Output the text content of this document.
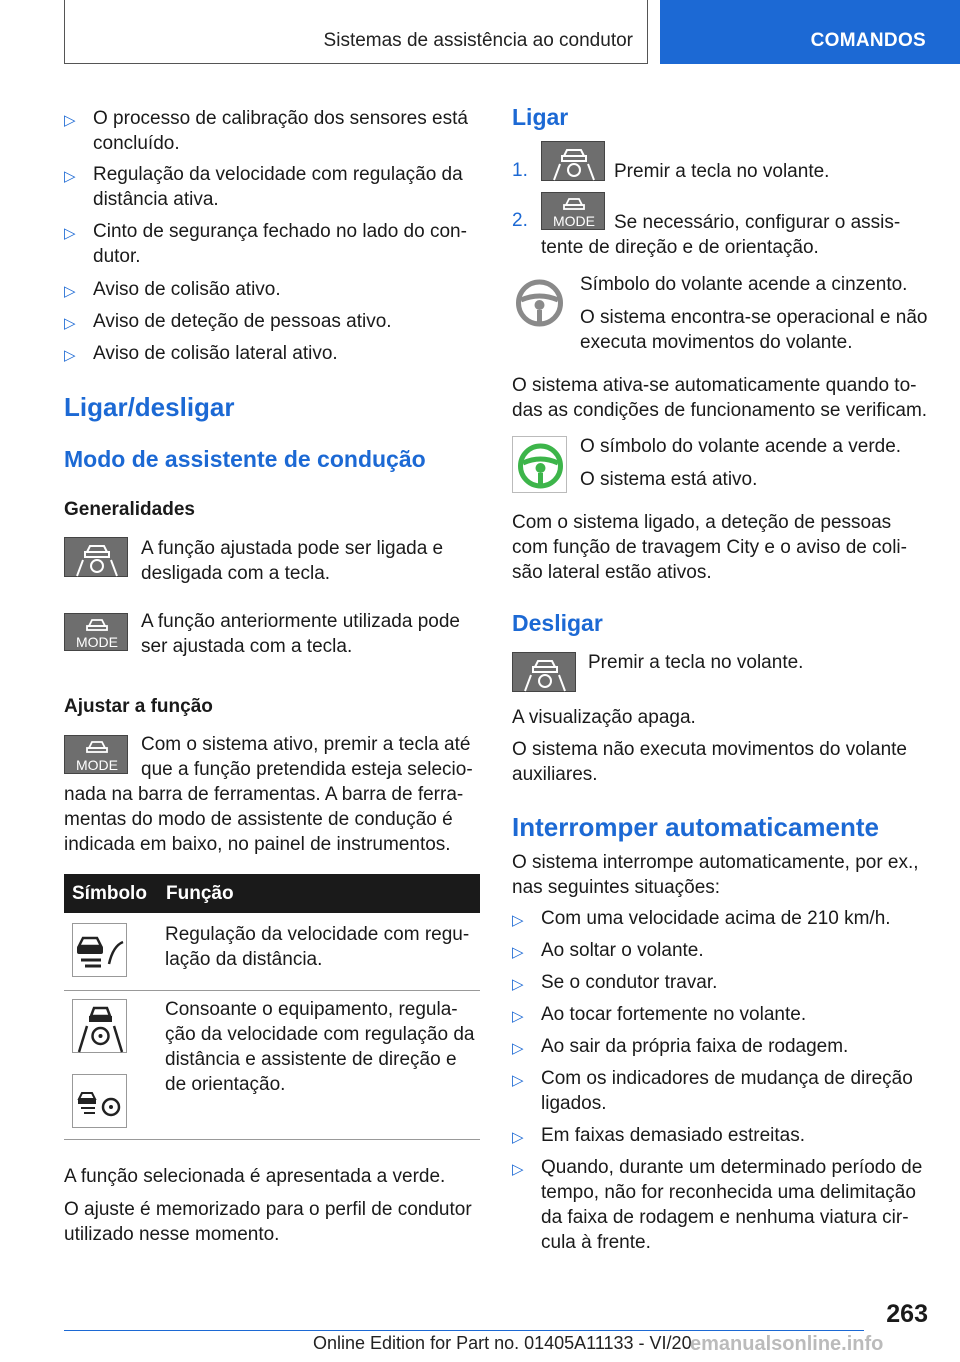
Sistemas de assistência ao condutor	COMANDOS
▷ O processo de calibração dos sensores está
concluído.
▷ Regulação da velocidade com regulação da
distância ativa.
▷ Cinto de segurança fechado no lado do con-
dutor.
▷ Aviso de colisão ativo.
▷ Aviso de deteção de pessoas ativo.
▷ Aviso de colisão lateral ativo.
Ligar/desligar
Modo de assistente de condução
Generalidades
A função ajustada pode ser ligada e
desligada com a tecla.
MODE
A função anteriormente utilizada pode
ser ajustada com a tecla.
Ajustar a função
MODE
Com o sistema ativo, premir a tecla até
que a função pretendida esteja selecio-
nada na barra de ferramentas. A barra de ferra-
mentas do modo de assistente de condução é
indicada em baixo, no painel de instrumentos.
Símbolo Função
Regulação da velocidade com regu-
lação da distância.
Consoante o equipamento, regula-
ção da velocidade com regulação da
distância e assistente de direção e
de orientação.
A função selecionada é apresentada a verde.
O ajuste é memorizado para o perfil de condutor
utilizado nesse momento.
Ligar
1.	Premir a tecla no volante.
2. MODE Se necessário, configurar o assis-
tente de direção e de orientação.
Símbolo do volante acende a cinzento.
O sistema encontra-se operacional e não
executa movimentos do volante.
O sistema ativa-se automaticamente quando to-
das as condições de funcionamento se verificam.
O símbolo do volante acende a verde.
O sistema está ativo.
Com o sistema ligado, a deteção de pessoas
com função de travagem City e o aviso de coli-
são lateral estão ativos.
Desligar
Premir a tecla no volante.
A visualização apaga.
O sistema não executa movimentos do volante
auxiliares.
Interromper automaticamente
O sistema interrompe automaticamente, por ex.,
nas seguintes situações:
▷ Com uma velocidade acima de 210 km/h.
▷ Ao soltar o volante.
▷ Se o condutor travar.
▷ Ao tocar fortemente no volante.
▷ Ao sair da própria faixa de rodagem.
▷ Com os indicadores de mudança de direção
ligados.
▷ Em faixas demasiado estreitas.
▷ Quando, durante um determinado período de
tempo, não for reconhecida uma delimitação
da faixa de rodagem e nenhuma viatura cir-
cula à frente.
263
Online Edition for Part no. 01405A11133 - VI/20
emanualsonline.info
